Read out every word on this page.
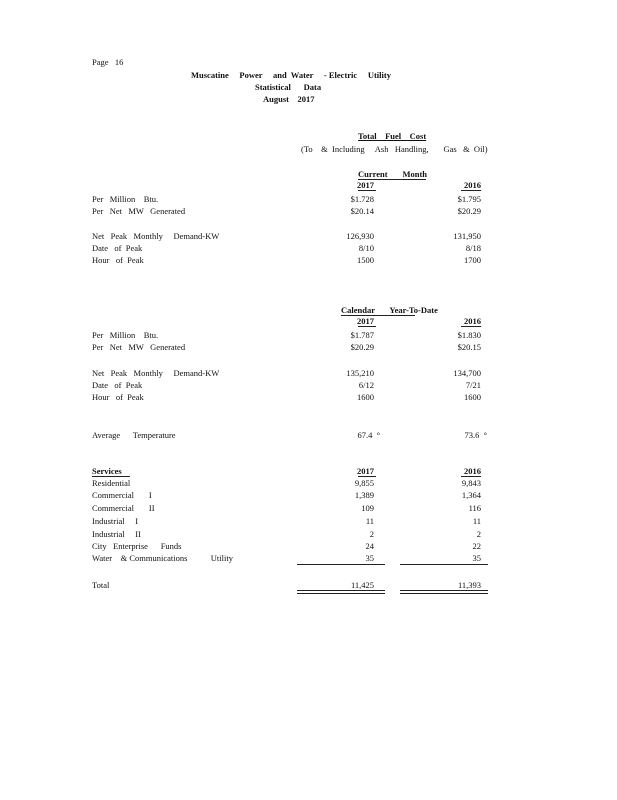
Page   16
Muscatine     Power     and  Water     - Electric     Utility
Statistical      Data
August    2017
Total    Fuel    Cost
(To    &  Including     Ash   Handling,       Gas   &  Oil)
Current       Month
2017	2016
Per   Million    Btu.	$1.728	$1.795
Per   Net   MW   Generated	$20.14	$20.29
Net   Peak   Monthly     Demand-KW	126,930	131,950
Date   of  Peak	8/10	8/18
Hour   of  Peak	1500	1700
Calendar       Year-To-Date
2017	2016
Per   Million    Btu.	$1.787	$1.830
Per   Net   MW   Generated	$20.29	$20.15
Net   Peak   Monthly     Demand-KW	135,210	134,700
Date   of  Peak	6/12	7/21
Hour   of  Peak	1600	1600
Average      Temperature	67.4  °	73.6  °
Services	2017	2016
Residential	9,855	9,843
Commercial       I	1,389	1,364
Commercial       II	109	116
Industrial     I	11	11
Industrial     II	2	2
City   Enterprise      Funds	24	22
Water    & Communications           Utility	35	35
Total	11,425	11,393
